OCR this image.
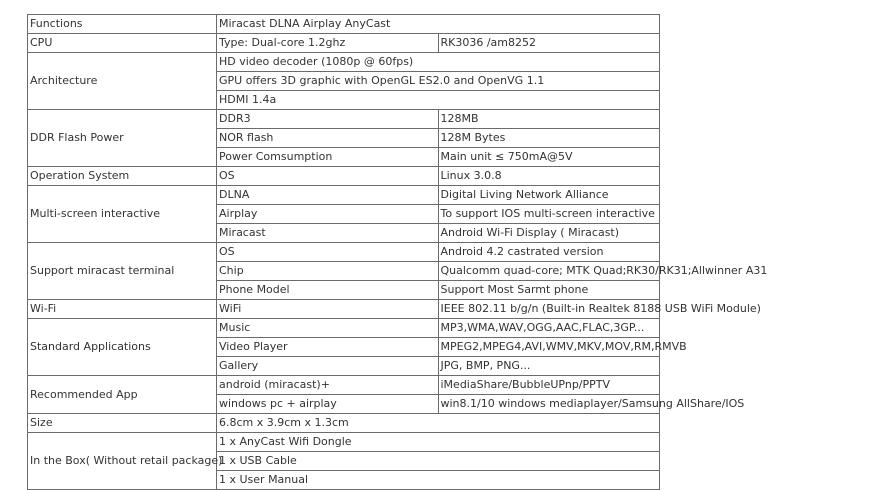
Functions	Miracast DLNA Airplay AnyCast	
CPU	Type: Dual-core 1.2ghz	RK3036 /am8252
Architecture	HD video decoder (1080p @ 60fps)	
	GPU offers 3D graphic with OpenGL ES2.0 and OpenVG 1.1	
	HDMI 1.4a	
DDR Flash Power	DDR3	128MB
	NOR flash	128M Bytes
	Power Comsumption	Main unit ≤ 750mA@5V
Operation System	OS	Linux 3.0.8
Multi-screen interactive	DLNA	Digital Living Network Alliance
	Airplay	To support IOS multi-screen interactive
	Miracast	Android Wi-Fi Display ( Miracast)
Support miracast terminal	OS	Android 4.2 castrated version
	Chip	Qualcomm quad-core; MTK Quad;RK30/RK31;Allwinner A31
	Phone Model	Support Most Sarmt phone
Wi-Fi	WiFi	IEEE 802.11 b/g/n (Built-in Realtek 8188 USB WiFi Module)
Standard Applications	Music	MP3,WMA,WAV,OGG,AAC,FLAC,3GP...
	Video Player	MPEG2,MPEG4,AVI,WMV,MKV,MOV,RM,RMVB
	Gallery	JPG, BMP, PNG...
Recommended App	android (miracast)+	iMediaShare/BubbleUPnp/PPTV
	windows pc + airplay	win8.1/10 windows mediaplayer/Samsung AllShare/IOS
Size	6.8cm x 3.9cm x 1.3cm	
In the Box( Without retail package)	1 x AnyCast Wifi Dongle	
	1 x USB Cable	
	1 x User Manual	
